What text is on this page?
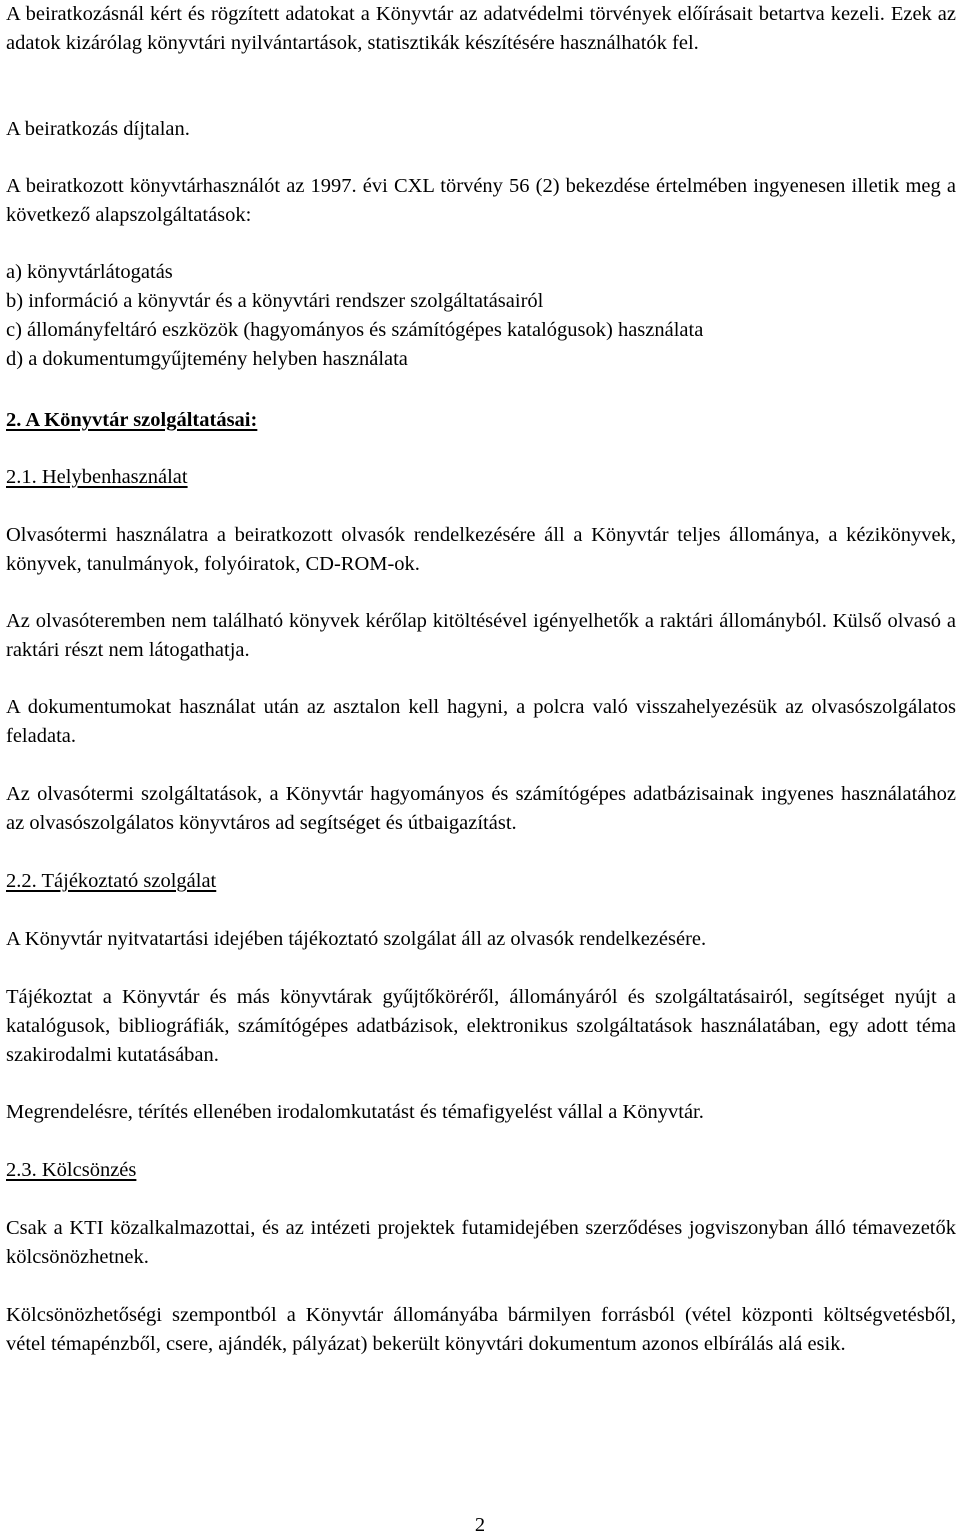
A beiratkozásnál kért és rögzített adatokat a Könyvtár az adatvédelmi törvények előírásait betartva kezeli. Ezek az adatok kizárólag könyvtári nyilvántartások, statisztikák készítésére használhatók fel.

A beiratkozás díjtalan.

A beiratkozott könyvtárhasználót az 1997. évi CXL törvény 56 (2) bekezdése értelmében ingyenesen illetik meg a következő alapszolgáltatások:

a) könyvtárlátogatás
b) információ a könyvtár és a könyvtári rendszer szolgáltatásairól
c) állományfeltáró eszközök (hagyományos és számítógépes katalógusok) használata
d) a dokumentumgyűjtemény helyben használata
2. A Könyvtár szolgáltatásai:

2.1. Helybenhasználat

Olvasótermi használatra a beiratkozott olvasók rendelkezésére áll a Könyvtár teljes állománya, a kézikönyvek, könyvek, tanulmányok, folyóiratok, CD-ROM-ok.

Az olvasóteremben nem található könyvek kérőlap kitöltésével igényelhetők a raktári állományból. Külső olvasó a raktári részt nem látogathatja.

A dokumentumokat használat után az asztalon kell hagyni, a polcra való visszahelyezésük az olvasószolgálatos feladata.

Az olvasótermi szolgáltatások, a Könyvtár hagyományos és számítógépes adatbázisainak ingyenes használatához az olvasószolgálatos könyvtáros ad segítséget és útbaigazítást.

2.2. Tájékoztató szolgálat

A Könyvtár nyitvatartási idejében tájékoztató szolgálat áll az olvasók rendelkezésére.

Tájékoztat a Könyvtár és más könyvtárak gyűjtőköréről, állományáról és szolgáltatásairól, segítséget nyújt a katalógusok, bibliográfiák, számítógépes adatbázisok, elektronikus szolgáltatások használatában, egy adott téma szakirodalmi kutatásában.

Megrendelésre, térítés ellenében irodalomkutatást és témafigyelést vállal a Könyvtár.

2.3. Kölcsönzés

Csak a KTI közalkalmazottai, és az intézeti projektek futamidejében szerződéses jogviszonyban álló témavezetők kölcsönözhetnek.

Kölcsönözhetőségi szempontból a Könyvtár állományába bármilyen forrásból (vétel központi költségvetésből, vétel témapénzből, csere, ajándék, pályázat) bekerült könyvtári dokumentum azonos elbírálás alá esik.

2
